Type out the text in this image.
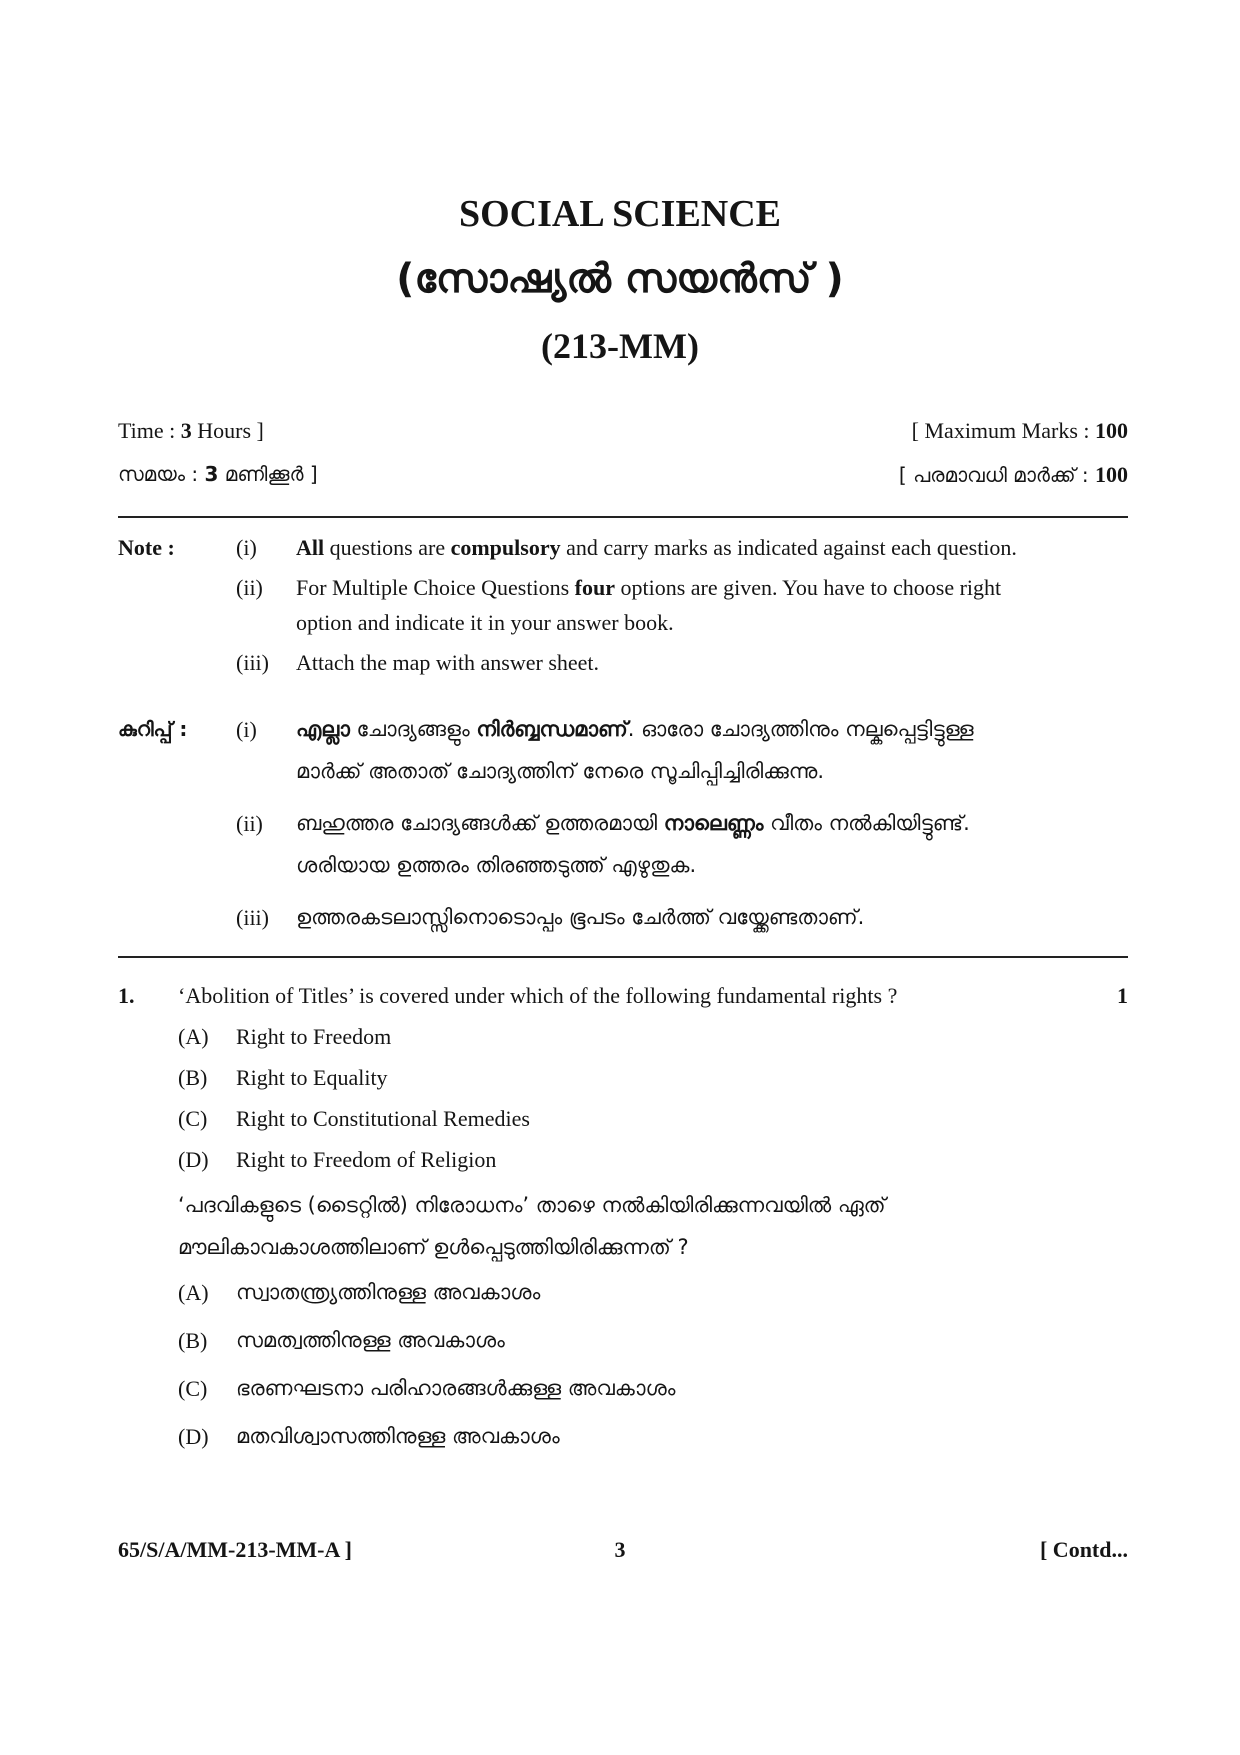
SOCIAL SCIENCE
(സോഷ്യൽ സയൻസ് )
(213-MM)
Time : 3 Hours ]	[ Maximum Marks : 100
സമയം : 3 മണിക്കൂർ ]	[ പരമാവധി മാർക്ക് : 100
Note :	(i) All questions are compulsory and carry marks as indicated against each question.
(ii) For Multiple Choice Questions four options are given. You have to choose right
option and indicate it in your answer book.
(iii) Attach the map with answer sheet.
കുറിപ്പ് : (i) എല്ലാ ചോദ്യങ്ങളും നിർബ്ബന്ധമാണ്. ഓരോ ചോദ്യത്തിനും നല്കപ്പെട്ടിട്ടുള്ള
മാർക്ക് അതാത് ചോദ്യത്തിന് നേരെ സൂചിപ്പിച്ചിരിക്കുന്നു.
(ii) ബഹുത്തര ചോദ്യങ്ങൾക്ക് ഉത്തരമായി നാലെണ്ണം വീതം നൽകിയിട്ടുണ്ട്.
ശരിയായ ഉത്തരം തിരഞ്ഞടുത്ത് എഴുതുക.
(iii) ഉത്തരകടലാസ്സിനൊടൊപ്പം ഭൂപടം ചേർത്ത് വയ്ക്കേണ്ടതാണ്.
1. ‘Abolition of Titles’ is covered under which of the following fundamental rights ?	1
(A) Right to Freedom
(B) Right to Equality
(C) Right to Constitutional Remedies
(D) Right to Freedom of Religion
‘പദവികളുടെ (ടൈറ്റിൽ) നിരോധനം’ താഴെ നൽകിയിരിക്കുന്നവയിൽ ഏത്
മൗലികാവകാശത്തിലാണ് ഉൾപ്പെടുത്തിയിരിക്കുന്നത് ?
(A) സ്വാതന്ത്ര്യത്തിനുള്ള അവകാശം
(B) സമത്വത്തിനുള്ള അവകാശം
(C) ഭരണഘടനാ പരിഹാരങ്ങൾക്കുള്ള അവകാശം
(D) മതവിശ്വാസത്തിനുള്ള അവകാശം
65/S/A/MM-213-MM-A ]	3	[ Contd...
